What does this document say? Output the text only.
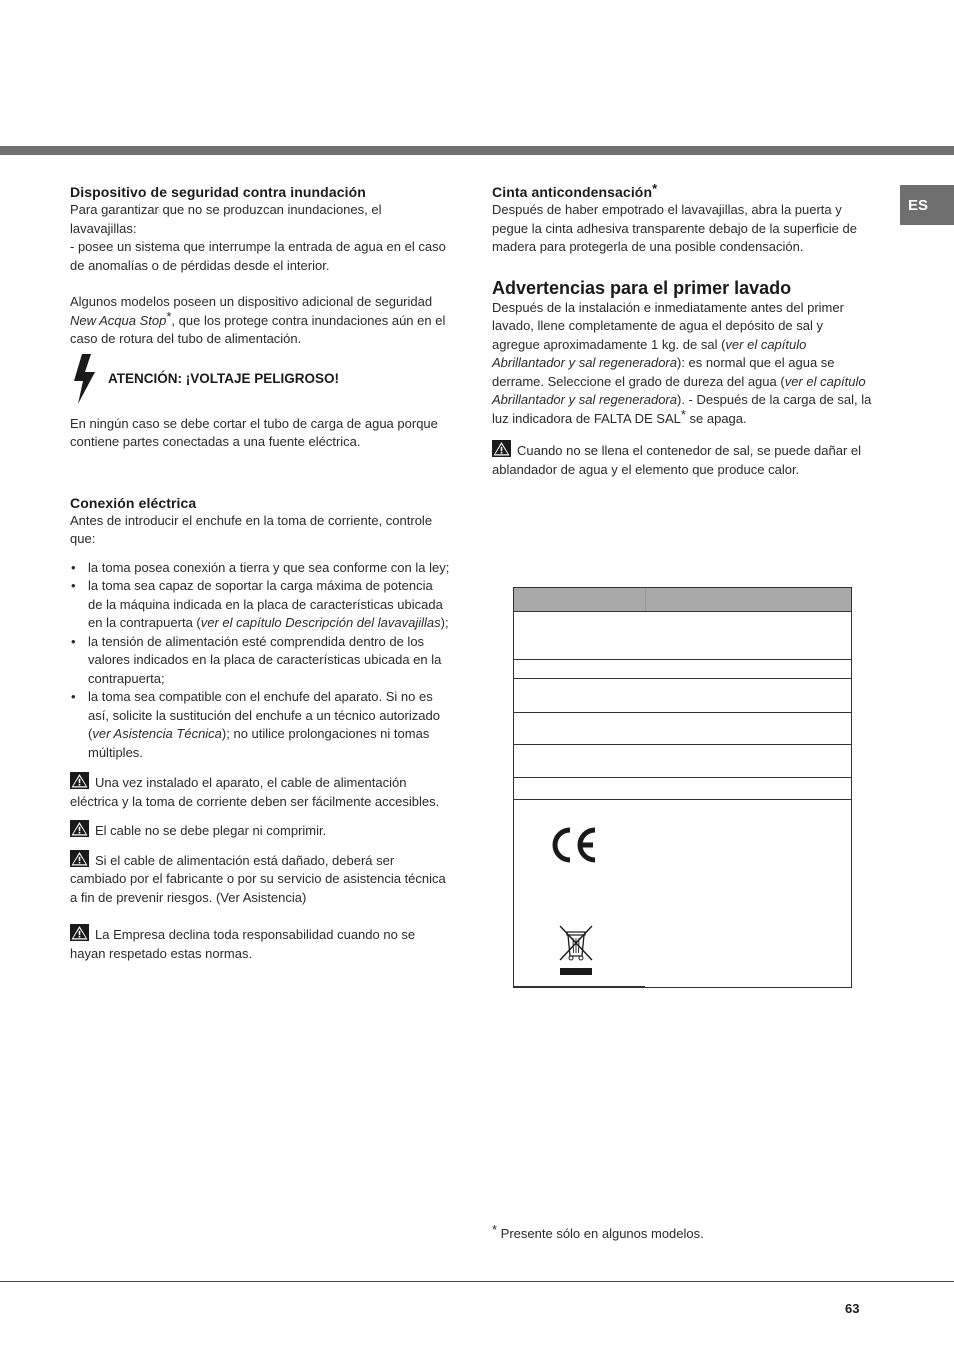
ES
Dispositivo de seguridad contra inundación

Para garantizar que no se produzcan inundaciones, el lavavajillas:

- posee un sistema que interrumpe la entrada de agua en el caso de anomalías o de pérdidas desde el interior.

Algunos modelos poseen un dispositivo adicional de seguridad New Acqua Stop*, que los protege contra inundaciones aún en el caso de rotura del tubo de alimentación.

ATENCIÓN: ¡VOLTAJE PELIGROSO!

En ningún caso se debe cortar el tubo de carga de agua porque contiene partes conectadas a una fuente eléctrica.

Conexión eléctrica

Antes de introducir el enchufe en la toma de corriente, controle que:

• la toma posea conexión a tierra y que sea conforme con la ley;
• la toma sea capaz de soportar la carga máxima de potencia de la máquina indicada en la placa de características ubicada en la contrapuerta (ver el capítulo Descripción del lavavajillas);
• la tensión de alimentación esté comprendida dentro de los valores indicados en la placa de características ubicada en la contrapuerta;
• la toma sea compatible con el enchufe del aparato. Si no es así, solicite la sustitución del enchufe a un técnico autorizado (ver Asistencia Técnica); no utilice prolongaciones ni tomas múltiples.

Una vez instalado el aparato, el cable de alimentación eléctrica y la toma de corriente deben ser fácilmente accesibles.

El cable no se debe plegar ni comprimir.

Si el cable de alimentación está dañado, deberá ser cambiado por el fabricante o por su servicio de asistencia técnica a fin de prevenir riesgos. (Ver Asistencia)

La Empresa declina toda responsabilidad cuando no se hayan respetado estas normas.

Cinta anticondensación*

Después de haber empotrado el lavavajillas, abra la puerta y pegue la cinta adhesiva transparente debajo de la superficie de madera para protegerla de una posible condensación.

Advertencias para el primer lavado

Después de la instalación e inmediatamente antes del primer lavado, llene completamente de agua el depósito de sal y agregue aproximadamente 1 kg. de sal (ver el capítulo Abrillantador y sal regeneradora): es normal que el agua se derrame. Seleccione el grado de dureza del agua (ver el capítulo Abrillantador y sal regeneradora). - Después de la carga de sal, la luz indicadora de FALTA DE SAL* se apaga.

Cuando no se llena el contenedor de sal, se puede dañar el ablandador de agua y el elemento que produce calor.

* Presente sólo en algunos modelos.
63
